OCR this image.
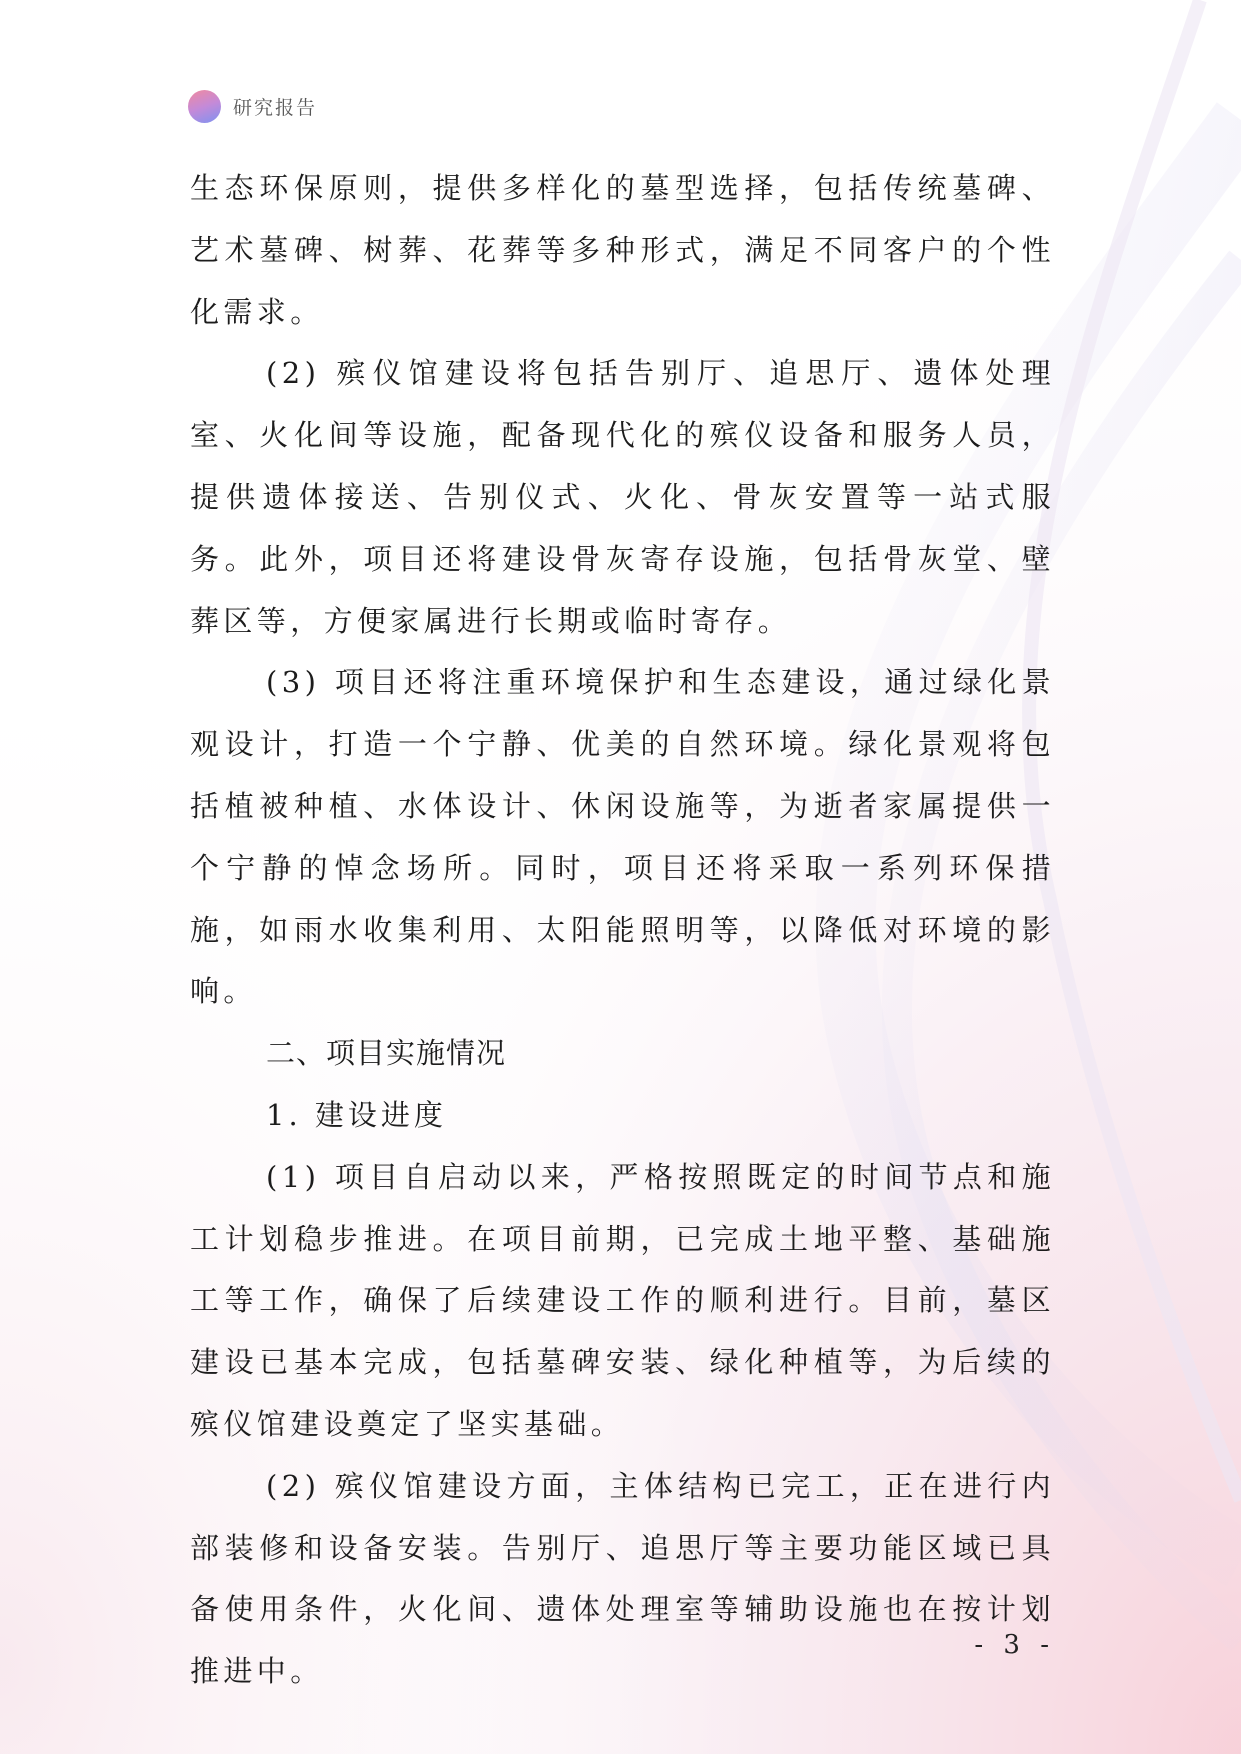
研究报告

生态环保原则，提供多样化的墓型选择，包括传统墓碑、艺术墓碑、树葬、花葬等多种形式，满足不同客户的个性化需求。

(2) 殡仪馆建设将包括告别厅、追思厅、遗体处理室、火化间等设施，配备现代化的殡仪设备和服务人员，提供遗体接送、告别仪式、火化、骨灰安置等一站式服务。此外，项目还将建设骨灰寄存设施，包括骨灰堂、壁葬区等，方便家属进行长期或临时寄存。

(3) 项目还将注重环境保护和生态建设，通过绿化景观设计，打造一个宁静、优美的自然环境。绿化景观将包括植被种植、水体设计、休闲设施等，为逝者家属提供一个宁静的悼念场所。同时，项目还将采取一系列环保措施，如雨水收集利用、太阳能照明等，以降低对环境的影响。

二、项目实施情况

1. 建设进度

(1) 项目自启动以来，严格按照既定的时间节点和施工计划稳步推进。在项目前期，已完成土地平整、基础施工等工作，确保了后续建设工作的顺利进行。目前，墓区建设已基本完成，包括墓碑安装、绿化种植等，为后续的殡仪馆建设奠定了坚实基础。

(2) 殡仪馆建设方面，主体结构已完工，正在进行内部装修和设备安装。告别厅、追思厅等主要功能区域已具备使用条件，火化间、遗体处理室等辅助设施也在按计划推进中。

- 3 -
